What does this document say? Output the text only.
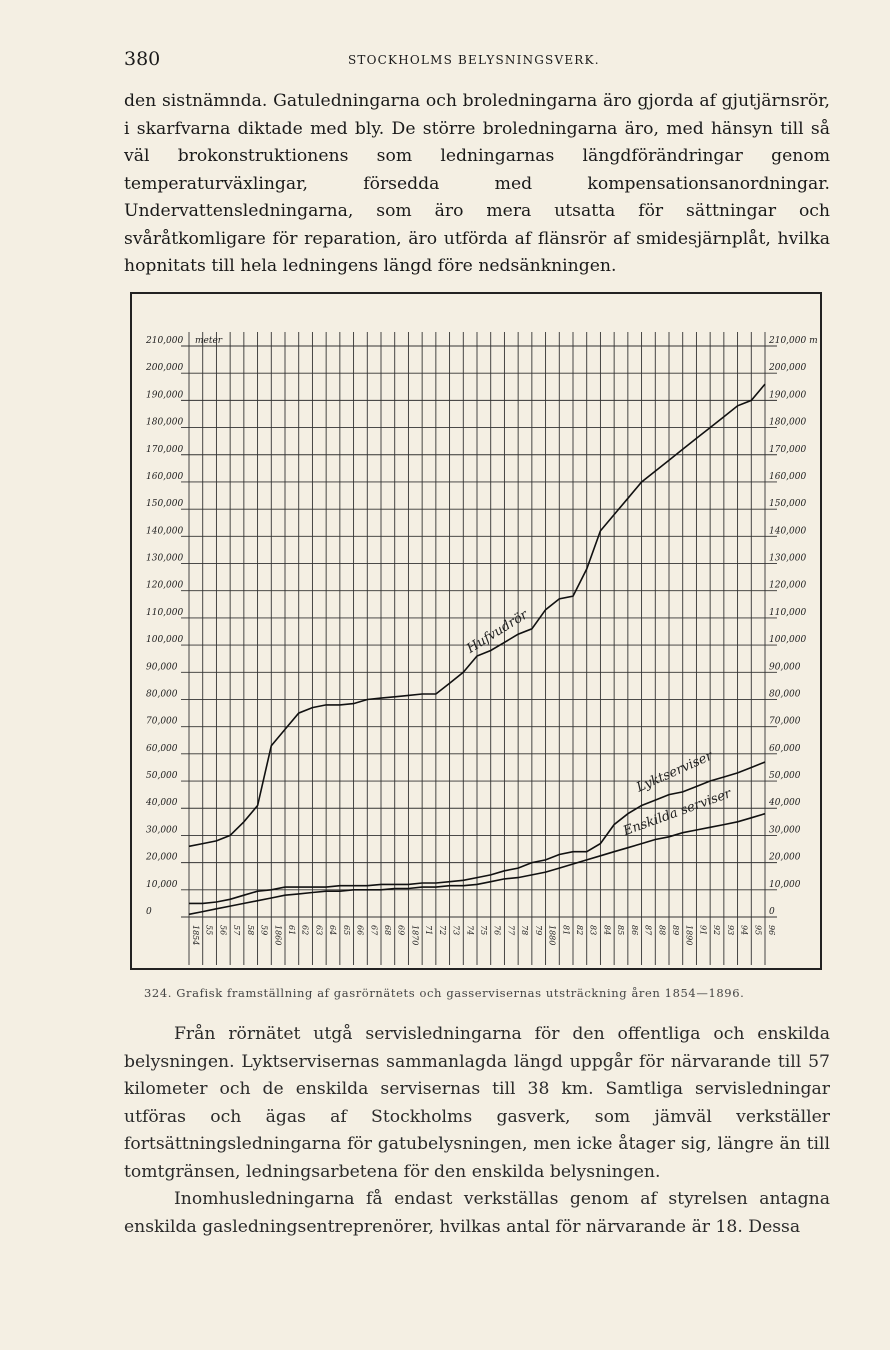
380	STOCKHOLMS BELYSNINGSVERK.

den sistnämnda. Gatuledningarna och broledningarna äro gjorda af gjutjärnsrör, i skarfvarna diktade med bly. De större broledningarna äro, med hänsyn till så väl brokonstruktionens som ledningarnas längdförändringar genom temperaturväxlingar, försedda med kompensationsanordningar. Undervattensledningarna, som äro mera utsatta för sättningar och svåråtkomligare för reparation, äro utförda af flänsrör af smidesjärnplåt, hvilka hopnitats till hela ledningens längd före nedsänkningen.

210,000	210,000 m
200,000	200,000
190,000	190,000
180,000	180,000
170,000	170,000
160,000	160,000
150,000	150,000
140,000	140,000
130,000	130,000
120,000	120,000
110,000	110,000
100,000	100,000
90,000	90,000
80,000	80,000
70,000	70,000
60,000	60,000
50,000	50,000
40,000	40,000
30,000	30,000
20,000	20,000
10,000	10,000
0	0
meter
1854 55 56 57 58 59 1860 61 62 63 64 65 66 67 68 69 1870 71 72 73 74 75 76 77 78 79 1880 81 82 83 84 85 86 87 88 89 1890 91 92 93 94 95 96
Hufvudrör
Lyktserviser
Enskilda serviser
324. Grafisk framställning af gasrörnätets och gasservisernas utsträckning åren 1854—1896.

Från rörnätet utgå servisledningarna för den offentliga och enskilda belysningen. Lyktservisernas sammanlagda längd uppgår för närvarande till 57 kilometer och de enskilda servisernas till 38 km. Samtliga servisledningar utföras och ägas af Stockholms gasverk, som jämväl verkställer fortsättningsledningarna för gatubelysningen, men icke åtager sig, längre än till tomtgränsen, ledningsarbetena för den enskilda belysningen.

Inomhusledningarna få endast verkställas genom af styrelsen antagna enskilda gasledningsentreprenörer, hvilkas antal för närvarande är 18. Dessa
